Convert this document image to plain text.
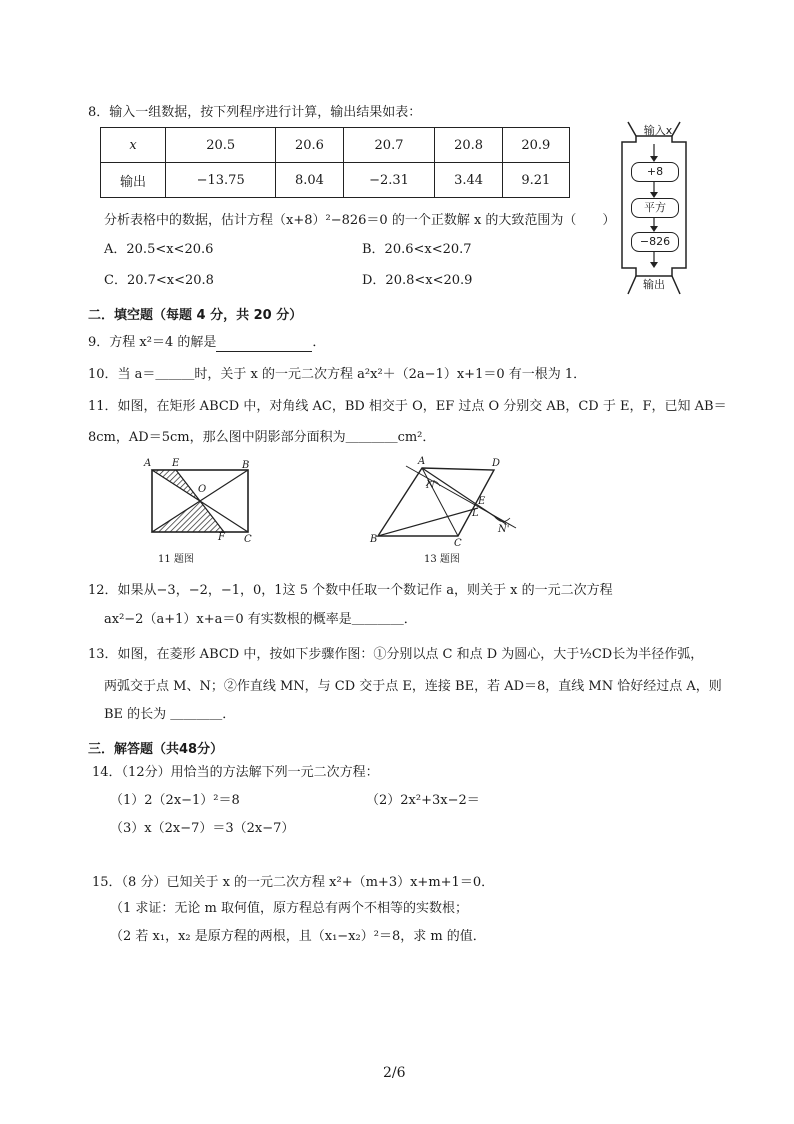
8．输入一组数据，按下列程序进行计算，输出结果如表：
x	20.5	20.6	20.7	20.8	20.9
输出	−13.75	8.04	−2.31	3.44	9.21
分析表格中的数据，估计方程（x+8）²−826＝0 的一个正数解 x 的大致范围为（　　）
A．20.5<x<20.6	B．20.6<x<20.7
C．20.7<x<20.8	D．20.8<x<20.9
输入x
+8
平方
−826
输出
二．填空题（每题 4 分，共 20 分）
9．方程 x²＝4 的解是	．
10．当 a＝＿＿＿时，关于 x 的一元二次方程 a²x²＋（2a−1）x+1＝0 有一根为 1．
11．如图，在矩形 ABCD 中，对角线 AC，BD 相交于 O，EF 过点 O 分别交 AB，CD 于 E，F，已知 AB＝
8cm，AD＝5cm，那么图中阴影部分面积为＿＿＿＿cm²．
A E	B
O
F C
11 题图
A	D
N
E
L
B	C
N'
13 题图
12．如果从−3，−2，−1，0，1这 5 个数中任取一个数记作 a，则关于 x 的一元二次方程
ax²−2（a+1）x+a＝0 有实数根的概率是＿＿＿＿．
13．如图，在菱形 ABCD 中，按如下步骤作图：①分别以点 C 和点 D 为圆心，大于½CD长为半径作弧，
两弧交于点 M、N；②作直线 MN，与 CD 交于点 E，连接 BE，若 AD＝8，直线 MN 恰好经过点 A，则
BE 的长为 ＿＿＿＿．
三．解答题（共48分）
14．（12分）用恰当的方法解下列一元二次方程：
（1）2（2x−1）²＝8	（2）2x²+3x−2＝
（3）x（2x−7）＝3（2x−7）
15．（8 分）已知关于 x 的一元二次方程 x²+（m+3）x+m+1＝0．
（1 求证：无论 m 取何值，原方程总有两个不相等的实数根；
（2 若 x₁，x₂ 是原方程的两根，且（x₁−x₂）²＝8，求 m 的值．
2/6
